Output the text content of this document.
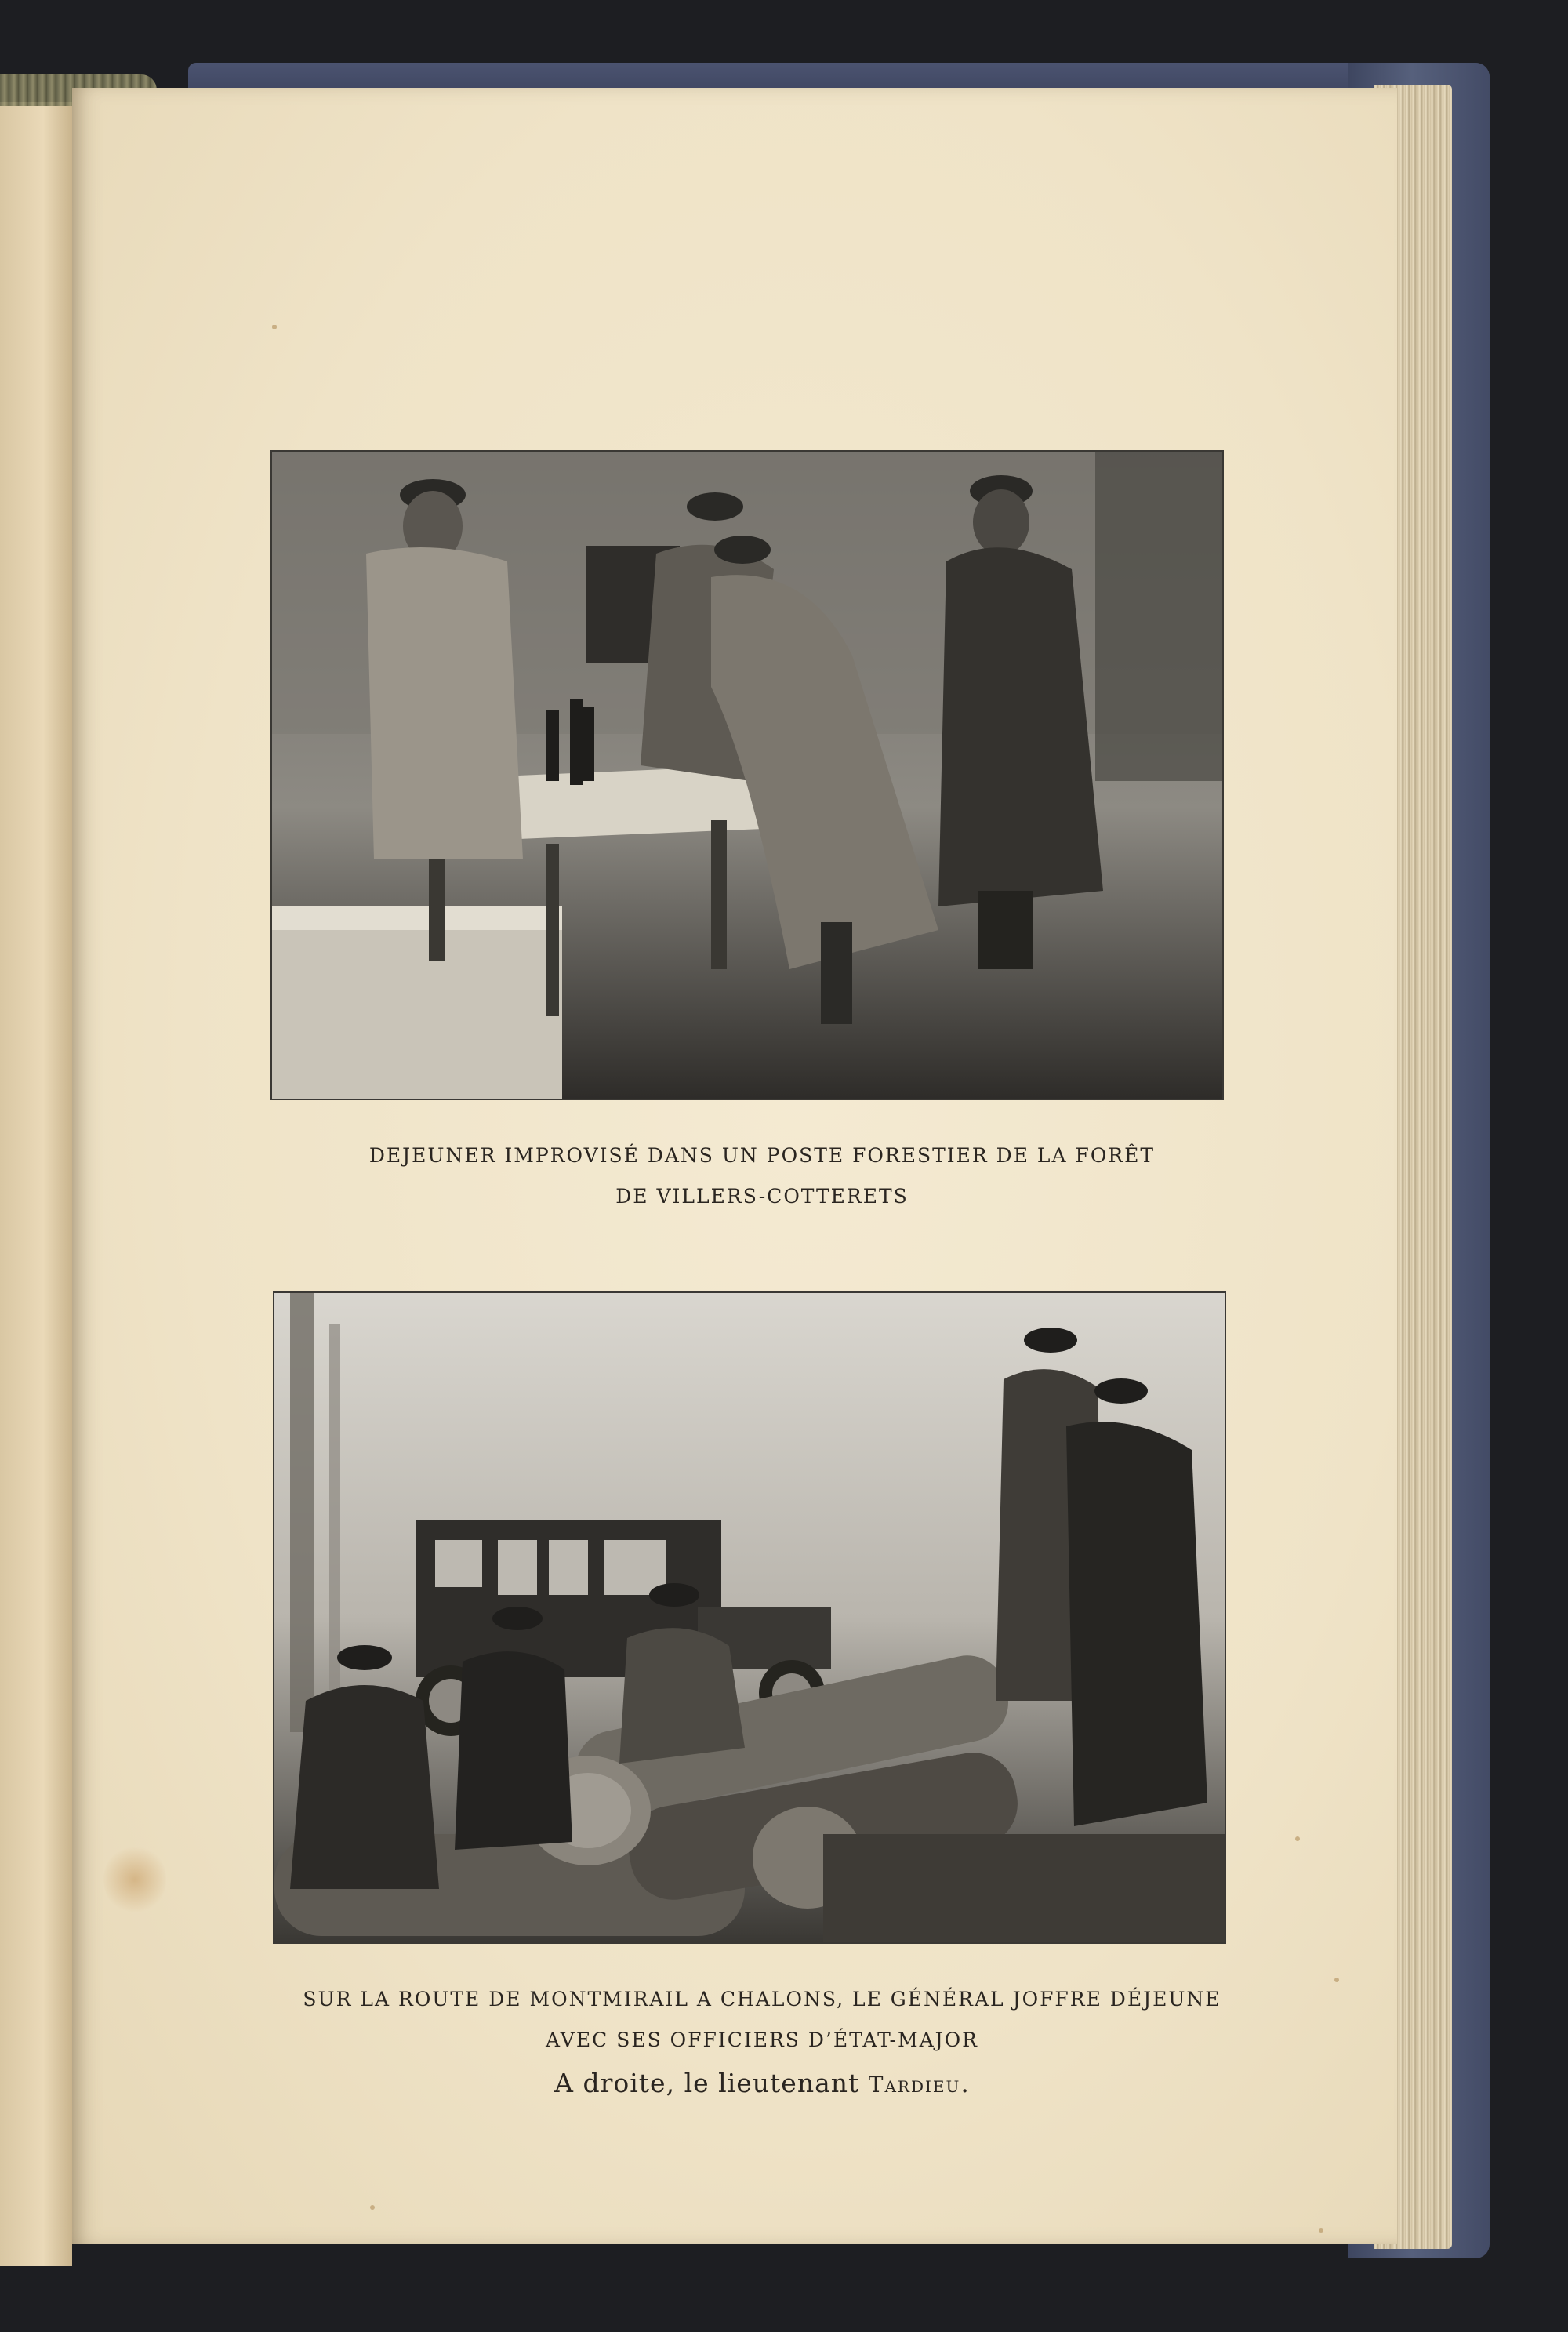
DEJEUNER IMPROVISÉ DANS UN POSTE FORESTIER DE LA FORÊT
DE VILLERS-COTTERETS
SUR LA ROUTE DE MONTMIRAIL A CHALONS, LE GÉNÉRAL JOFFRE DÉJEUNE
AVEC SES OFFICIERS D’ÉTAT-MAJOR
A droite, le lieutenant Tardieu.
